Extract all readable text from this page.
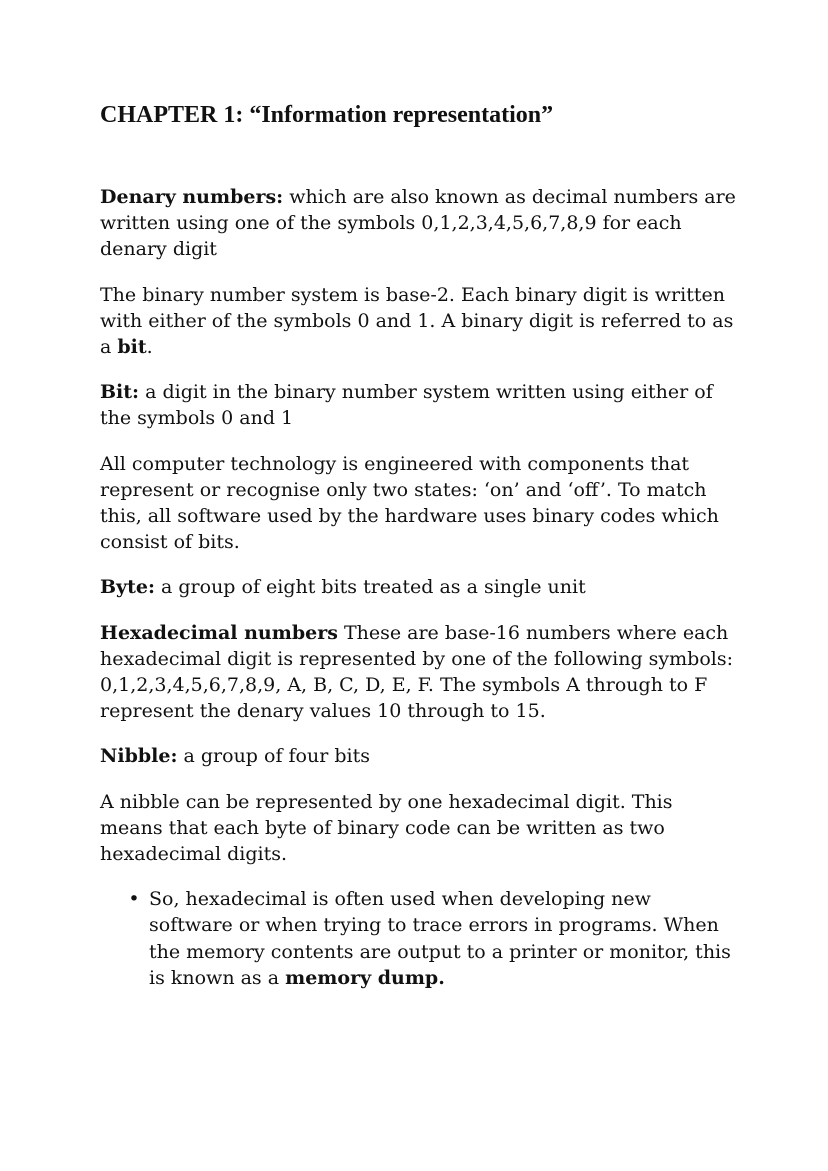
CHAPTER 1: “Information representation”

Denary numbers: which are also known as decimal numbers are written using one of the symbols 0,1,2,3,4,5,6,7,8,9 for each denary digit

The binary number system is base-2. Each binary digit is written with either of the symbols 0 and 1. A binary digit is referred to as a bit.

Bit: a digit in the binary number system written using either of the symbols 0 and 1

All computer technology is engineered with components that represent or recognise only two states: ‘on’ and ‘off’. To match this, all software used by the hardware uses binary codes which consist of bits.

Byte: a group of eight bits treated as a single unit

Hexadecimal numbers These are base-16 numbers where each hexadecimal digit is represented by one of the following symbols: 0,1,2,3,4,5,6,7,8,9, A, B, C, D, E, F. The symbols A through to F represent the denary values 10 through to 15.

Nibble: a group of four bits

A nibble can be represented by one hexadecimal digit. This means that each byte of binary code can be written as two hexadecimal digits.

• So, hexadecimal is often used when developing new software or when trying to trace errors in programs. When the memory contents are output to a printer or monitor, this is known as a memory dump.
